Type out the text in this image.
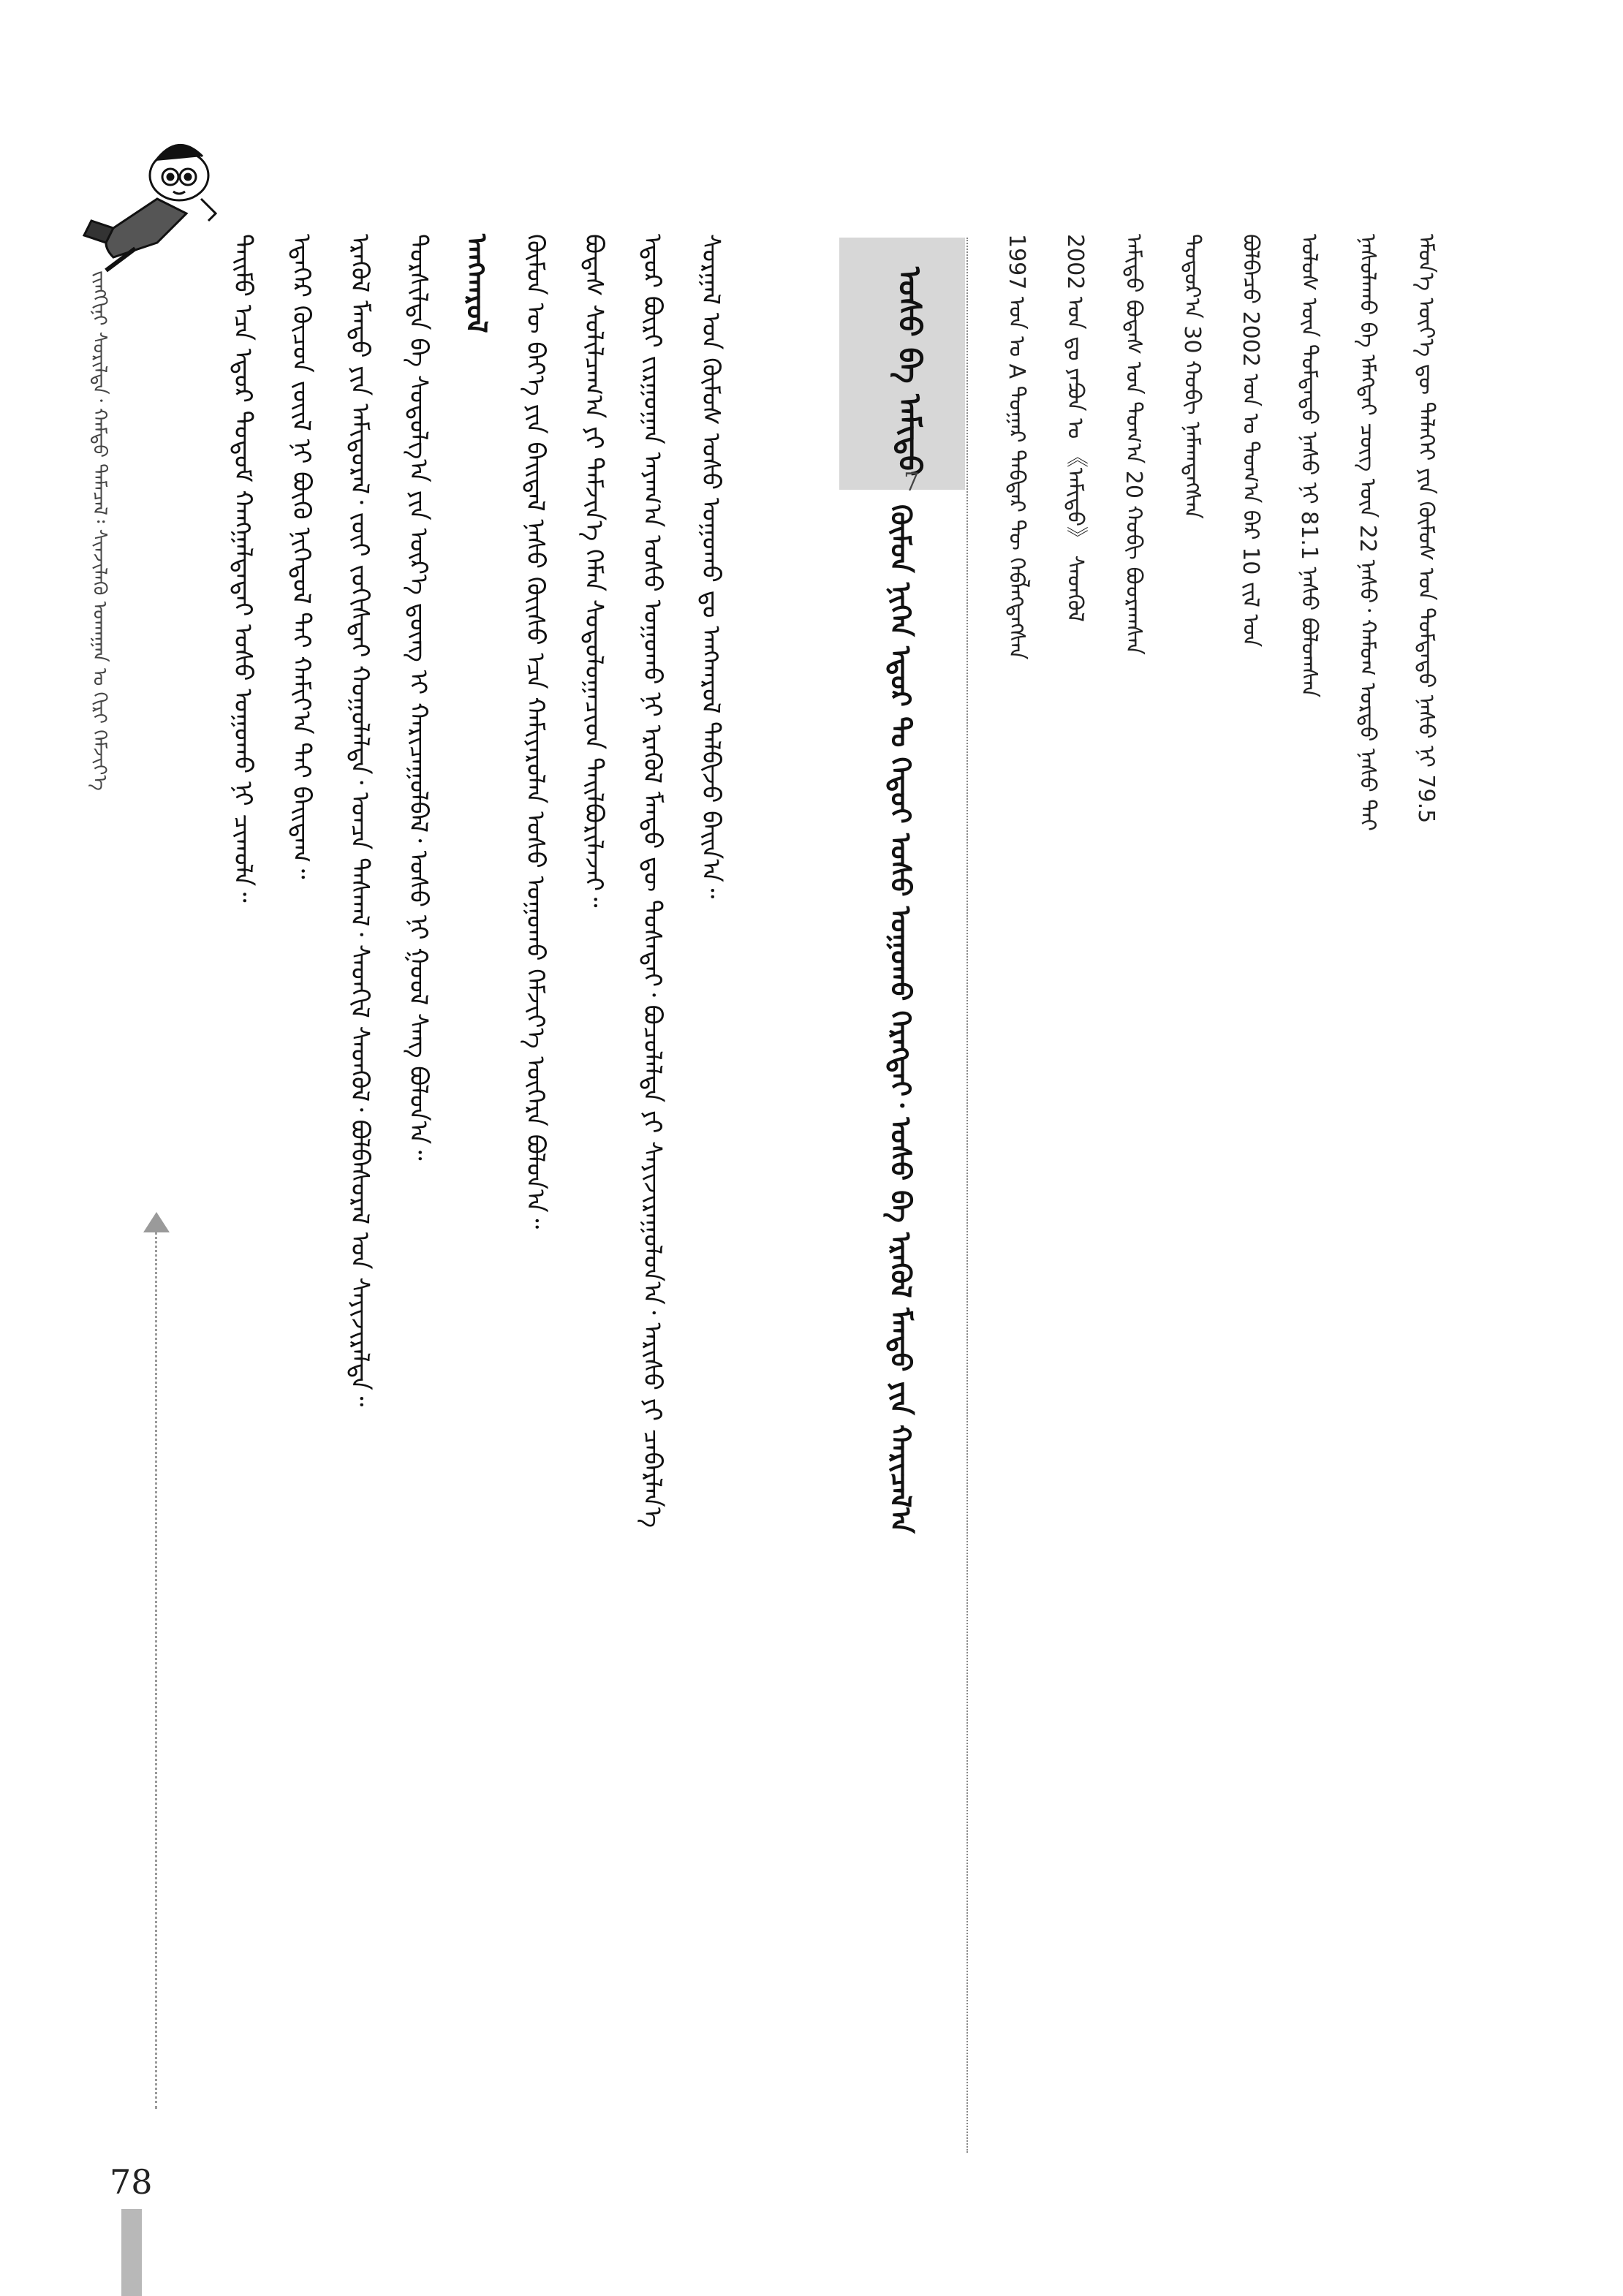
ᠵᠢᠩᠬᠢᠨᠢ ᠰᠣᠷᠢᠯᠲᠠ᠂ ᠬᠠᠮᠳᠤ ᠲᠡᠮᠡᠴᠡᠯ᠄ ᠰᠢᠨᠵᠢᠯᠡᠬᠦ ᠤᠬᠠᠭᠠᠨ ᠤ ᠬᠢᠷᠢ ᠬᠡᠮᠵᠢᠶ᠎ᠡ
78
ᠲᠡᠢᠮᠦ ᠡᠴᠡ ᠡᠳᠦᠷ ᠲᠤᠲᠤᠮ ᠬᠠᠩᠭᠠᠯᠲᠠᠲᠠᠢ ᠤᠰᠤ ᠤᠭᠤᠬᠤ ᠨᠢ ᠴᠢᠬᠤᠯᠠ᠃	ᠡᠳᠡᠭᠡᠷ ᠬᠦᠴᠦᠨ ᠵᠦᠢᠯ ᠨᠢ ᠪᠦᠬᠦ ᠨᠢᠭᠡᠳᠦᠯ ᠲᠡᠢ ᠬᠠᠮᠢᠶ᠎ᠠ ᠲᠠᠢ ᠪᠠᠢᠳᠠᠭ᠃	ᠡᠷᠡᠭᠦᠯ ᠮᠡᠨᠳᠦ ᠶᠢᠨ ᠠᠮᠢᠳᠤᠷᠠᠯ᠂ ᠵᠦᠢ ᠵᠣᠬᠢᠰᠲᠠᠢ ᠬᠣᠭᠣᠯᠠᠯᠲᠠ᠂ ᠣᠨᠴᠠ ᠳᠠᠰᠭᠠᠯ᠂ ᠰᠡᠳᠬᠢᠯ ᠰᠡᠳᠭᠦᠯ᠂ ᠪᠣᠯᠪᠠᠰᠤᠷᠠᠯ ᠤᠨ ᠰᠠᠶᠢᠵᠢᠷᠠᠯᠲᠠ᠃	ᠲᠤᠷᠰᠢᠯᠲᠠ ᠪᠠ ᠰᠤᠳᠤᠯᠭ᠎ᠠ ᠶᠢᠨ ᠦᠷ᠎ᠡ ᠳ᠋ᠦᠩ ᠢ ᠬᠠᠷᠢᠴᠠᠭᠤᠯᠪᠠᠯ᠂ ᠤᠰᠤ ᠨᠢ ᠭᠣᠣᠯ ᠰᠠᠩ ᠪᠣᠯᠤᠨ᠎ᠠ᠃	ᠠᠨᠭᠬᠠᠷᠤᠯ	ᠬᠦᠮᠦᠨ ᠦ ᠪᠡᠶ᠎ᠡ ᠶᠢᠨ ᠪᠠᠢᠳᠠᠯ ᠨᠠᠰᠤ ᠬᠦᠢᠰᠦ ᠡᠴᠡ ᠬᠠᠮᠢᠶᠠᠷᠤᠯᠠᠨ ᠤᠰᠤ ᠤᠭᠤᠬᠤ ᠬᠡᠮᠵᠢᠶ᠎ᠡ ᠥᠭᠡᠷᠡ ᠪᠣᠯᠤᠨ᠎ᠠ᠃	ᠪᠣᠳᠠᠰ ᠰᠣᠯᠢᠯᠴᠠᠭ᠎ᠠ ᠶᠢ ᠳᠡᠮᠵᠢᠨ᠎ᠡ ᠬᠡᠮᠡᠨ ᠰᠤᠳᠤᠯᠤᠭᠠᠴᠢᠳ ᠲᠠᠢᠯᠪᠤᠷᠢᠯᠠᠵᠠᠢ᠃	ᠡᠳᠦᠷ ᠪᠦᠷᠢ ᠵᠢᠷᠭᠤᠭᠠᠨ ᠠᠶᠠᠭ᠎ᠠ ᠤᠰᠤ ᠤᠭᠤᠬᠤ ᠨᠢ ᠡᠷᠡᠭᠦᠯ ᠮᠡᠨᠳᠦ ᠳᠦ ᠲᠤᠰᠠᠲᠠᠢ᠂ ᠪᠤᠴᠤᠯᠠᠯᠲᠠ ᠶᠢ ᠰᠠᠶᠢᠵᠢᠷᠠᠭᠤᠯᠤᠨ᠎ᠠ᠂ ᠠᠷᠢᠰᠤ ᠶᠢ ᠴᠡᠪᠡᠷᠯᠡᠨ᠎ᠡ	ᠰᠤᠷᠭᠠᠯ ᠤᠨ ᠬᠦᠮᠦᠰ ᠤᠰᠤ ᠤᠭᠤᠬᠤ ᠳᠤ ᠠᠩᠬᠠᠷᠤᠯ ᠲᠠᠯᠪᠢᠵᠤ ᠪᠠᠢᠨ᠎ᠠ᠃	ᠤᠰᠤ ᠪᠠ ᠠᠮᠢᠳᠤ
7
ᠬᠥᠮᠦᠨ ᠨᠢᠭᠡᠨ ᠡᠳᠦᠷ ᠲᠤ ᠬᠡᠳᠦᠢ ᠤᠰᠤ ᠤᠭᠤᠬᠤ ᠬᠡᠷᠡᠭᠲᠡᠢ᠂ ᠤᠰᠤ ᠪᠠ ᠡᠷᠡᠭᠦᠯ ᠮᠡᠨᠳᠦ ᠶᠢᠨ ᠬᠠᠷᠢᠴᠠᠯ᠎ᠠ
1997 ᠣᠨ ᠤ A ᠳᠤᠭᠠᠷ ᠳᠡᠪᠲᠡᠷ ᠲᠦ ᠬᠡᠪᠯᠡᠭᠳᠡᠭᠰᠡᠨ	2002 ᠣᠨ ᠳᠤ ᠶᠠᠫᠣᠨ ᠤ 《ᠠᠮᠢᠳᠤ》 ᠰᠡᠳᠭᠦᠯ	ᠠᠮᠢᠳᠤ ᠪᠣᠳᠠᠰ ᠤᠨ ᠲᠣᠭ᠎ᠠ 20 ᠬᠤᠪᠢ ᠪᠤᠤᠷᠠᠭᠰᠠᠨ	ᠳᠣᠲᠤᠷ᠎ᠠ 30 ᠬᠤᠪᠢ ᠨᠡᠮᠡᠭ᠍ᠳᠡᠭᠰᠡᠨ	ᠪᠣᠯᠪᠠᠴᠤ 2002 ᠣᠨ ᠤ ᠲᠤᠭ᠎ᠠ ᠪᠠᠷ 10 ᠵᠢᠯ ᠤᠨ	ᠤᠯᠤᠰ ᠦᠨ ᠳᠤᠮᠳᠠᠳᠤ ᠨᠠᠰᠤ ᠨᠢ 81.1 ᠨᠠᠰᠤ ᠪᠣᠯᠤᠭᠰᠠᠨ	ᠨᠠᠰᠤᠯᠠᠬᠤ ᠪᠠ ᠡᠮᠡᠭᠲᠡᠢ ᠴᠦᠭ ᠦᠨ 22 ᠨᠠᠰᠤ᠂ ᠬᠠᠮᠤᠭ ᠤᠷᠲᠤ ᠨᠠᠰᠤ ᠲᠠᠢ	ᠡᠮᠦᠨ᠎ᠡ ᠦᠶ᠎ᠡ ᠳᠦ ᠳᠡᠯᠡᠬᠡᠢ ᠶᠢᠨ ᠬᠦᠮᠦᠰ ᠤᠨ ᠳᠤᠮᠳᠠᠳᠤ ᠨᠠᠰᠤ ᠨᠢ 79.5
